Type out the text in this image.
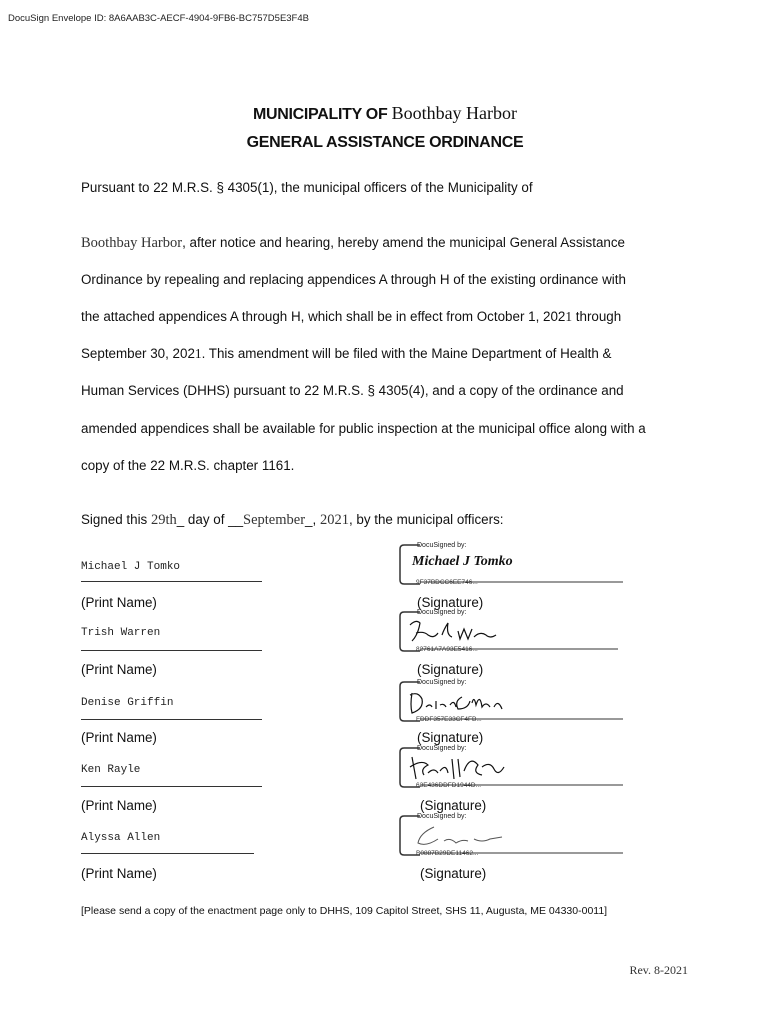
DocuSign Envelope ID: 8A6AAB3C-AECF-4904-9FB6-BC757D5E3F4B
MUNICIPALITY OF Boothbay Harbor
GENERAL ASSISTANCE ORDINANCE
Pursuant to 22 M.R.S. § 4305(1), the municipal officers of the Municipality of
Boothbay Harbor, after notice and hearing, hereby amend the municipal General Assistance
Ordinance by repealing and replacing appendices A through H of the existing ordinance with
the attached appendices A through H, which shall be in effect from October 1, 2021 through
September 30, 2021. This amendment will be filed with the Maine Department of Health &
Human Services (DHHS) pursuant to 22 M.R.S. § 4305(4), and a copy of the ordinance and
amended appendices shall be available for public inspection at the municipal office along with a
copy of the 22 M.R.S. chapter 1161.
Signed this 29th_ day of __September_, 2021, by the municipal officers:
Michael J Tomko
(Print Name)
DocuSigned by:
Michael J Tomko
9F37BDCC6EE746...
(Signature)
Trish Warren
(Print Name)
DocuSigned by:
82761A7A93E5416...
(Signature)
Denise Griffin
(Print Name)
DocuSigned by:
FDDF357E33CF4FB...
(Signature)
Ken Rayle
(Print Name)
DocuSigned by:
63E436DDFD1944D...
(Signature)
Alyssa Allen
(Print Name)
DocuSigned by:
B0887B29DE11462...
(Signature)
[Please send a copy of the enactment page only to DHHS, 109 Capitol Street, SHS 11, Augusta, ME 04330-0011]
Rev. 8-2021
